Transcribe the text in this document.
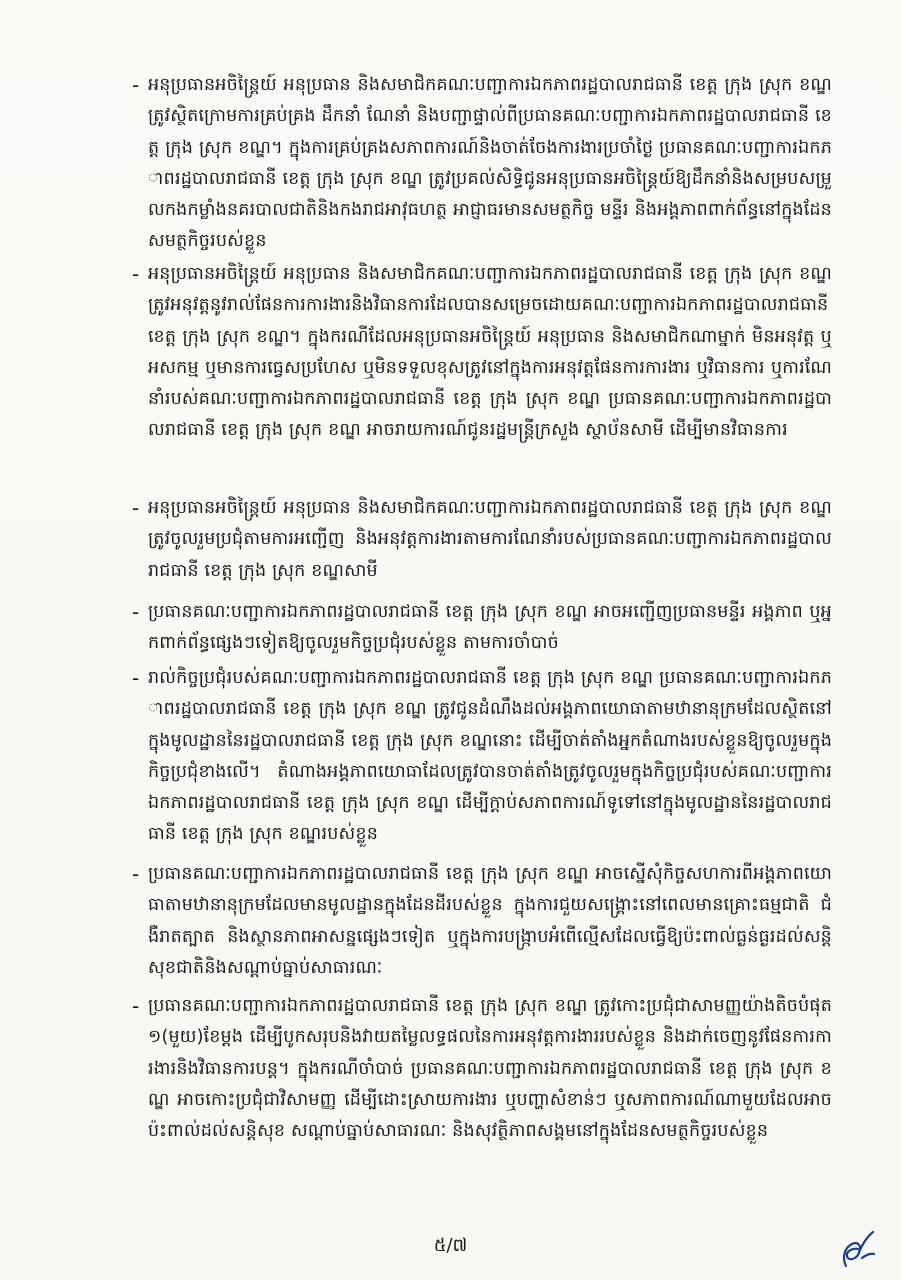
- អនុប្រធានអចិន្ត្រៃយ៍ អនុប្រធាន និងសមាជិកគណៈបញ្ជាការឯកភាពរដ្ឋបាលរាជធានី ខេត្ត ក្រុង ស្រុក ខណ្ឌ ត្រូវស្ថិតក្រោមការគ្រប់គ្រង ដឹកនាំ ណែនាំ និងបញ្ជាផ្ទាល់ពីប្រធានគណៈបញ្ជាការឯកភាពរដ្ឋបាលរាជធានី ខេត្ត ក្រុង ស្រុក ខណ្ឌ។ ក្នុងការគ្រប់គ្រងសភាពការណ៍និងចាត់ចែងការងារប្រចាំថ្ងៃ ប្រធានគណៈបញ្ជាការឯកភាពរដ្ឋបាលរាជធានី ខេត្ត ក្រុង ស្រុក ខណ្ឌ ត្រូវប្រគល់សិទ្ធិជូនអនុប្រធានអចិន្ត្រៃយ៍ឱ្យដឹកនាំនិងសម្របសម្រួលកងកម្លាំងនគរបាលជាតិនិងកងរាជអាវុធហត្ថ អាជ្ញាធរមានសមត្ថកិច្ច មន្ទីរ និងអង្គភាពពាក់ព័ន្ធនៅក្នុងដែនសមត្ថកិច្ចរបស់ខ្លួន
- អនុប្រធានអចិន្ត្រៃយ៍ អនុប្រធាន និងសមាជិកគណៈបញ្ជាការឯកភាពរដ្ឋបាលរាជធានី ខេត្ត ក្រុង ស្រុក ខណ្ឌ ត្រូវអនុវត្តនូវរាល់ផែនការការងារនិងវិធានការដែលបានសម្រេចដោយគណៈបញ្ជាការឯកភាពរដ្ឋបាលរាជធានី ខេត្ត ក្រុង ស្រុក ខណ្ឌ។ ក្នុងករណីដែលអនុប្រធានអចិន្ត្រៃយ៍ អនុប្រធាន និងសមាជិកណាម្នាក់ មិនអនុវត្ត ឬអសកម្ម ឬមានការធ្វេសប្រហែស ឬមិនទទួលខុសត្រូវនៅក្នុងការអនុវត្តផែនការការងារ ឬវិធានការ ឬការណែនាំរបស់គណៈបញ្ជាការឯកភាពរដ្ឋបាលរាជធានី ខេត្ត ក្រុង ស្រុក ខណ្ឌ ប្រធានគណៈបញ្ជាការឯកភាពរដ្ឋបាលរាជធានី ខេត្ត ក្រុង ស្រុក ខណ្ឌ អាចរាយការណ៍ជូនរដ្ឋមន្ត្រីក្រសួង ស្ថាប័នសាមី ដើម្បីមានវិធានការ
- អនុប្រធានអចិន្ត្រៃយ៍ អនុប្រធាន និងសមាជិកគណៈបញ្ជាការឯកភាពរដ្ឋបាលរាជធានី ខេត្ត ក្រុង ស្រុក ខណ្ឌ ត្រូវចូលរួមប្រជុំតាមការអញ្ជើញ និងអនុវត្តការងារតាមការណែនាំរបស់ប្រធានគណៈបញ្ជាការឯកភាពរដ្ឋបាលរាជធានី ខេត្ត ក្រុង ស្រុក ខណ្ឌសាមី
- ប្រធានគណៈបញ្ជាការឯកភាពរដ្ឋបាលរាជធានី ខេត្ត ក្រុង ស្រុក ខណ្ឌ អាចអញ្ជើញប្រធានមន្ទីរ អង្គភាព ឬអ្នកពាក់ព័ន្ធផ្សេងៗទៀតឱ្យចូលរួមកិច្ចប្រជុំរបស់ខ្លួន តាមការចាំបាច់
- រាល់កិច្ចប្រជុំរបស់គណៈបញ្ជាការឯកភាពរដ្ឋបាលរាជធានី ខេត្ត ក្រុង ស្រុក ខណ្ឌ ប្រធានគណៈបញ្ជាការឯកភាពរដ្ឋបាលរាជធានី ខេត្ត ក្រុង ស្រុក ខណ្ឌ ត្រូវជូនដំណឹងដល់អង្គភាពយោធាតាមឋានានុក្រមដែលស្ថិតនៅក្នុងមូលដ្ឋាននៃរដ្ឋបាលរាជធានី ខេត្ត ក្រុង ស្រុក ខណ្ឌនោះ ដើម្បីចាត់តាំងអ្នកតំណាងរបស់ខ្លួនឱ្យចូលរួមក្នុងកិច្ចប្រជុំខាងលើ។ តំណាងអង្គភាពយោធាដែលត្រូវបានចាត់តាំងត្រូវចូលរួមក្នុងកិច្ចប្រជុំរបស់គណៈបញ្ជាការឯកភាពរដ្ឋបាលរាជធានី ខេត្ត ក្រុង ស្រុក ខណ្ឌ ដើម្បីក្តាប់សភាពការណ៍ទូទៅនៅក្នុងមូលដ្ឋាននៃរដ្ឋបាលរាជធានី ខេត្ត ក្រុង ស្រុក ខណ្ឌរបស់ខ្លួន
- ប្រធានគណៈបញ្ជាការឯកភាពរដ្ឋបាលរាជធានី ខេត្ត ក្រុង ស្រុក ខណ្ឌ អាចស្នើសុំកិច្ចសហការពីអង្គភាពយោធាតាមឋានានុក្រមដែលមានមូលដ្ឋានក្នុងដែនដីរបស់ខ្លួន ក្នុងការជួយសង្គ្រោះនៅពេលមានគ្រោះធម្មជាតិ ជំងឺរាតត្បាត និងស្ថានភាពអាសន្នផ្សេងៗទៀត ឬក្នុងការបង្ក្រាបអំពើល្មើសដែលធ្វើឱ្យប៉ះពាល់ធ្ងន់ធ្ងរដល់សន្តិសុខជាតិនិងសណ្តាប់ធ្នាប់សាធារណៈ
- ប្រធានគណៈបញ្ជាការឯកភាពរដ្ឋបាលរាជធានី ខេត្ត ក្រុង ស្រុក ខណ្ឌ ត្រូវកោះប្រជុំជាសាមញ្ញយ៉ាងតិចបំផុត១(មួយ)ខែម្តង ដើម្បីបូកសរុបនិងវាយតម្លៃលទ្ធផលនៃការអនុវត្តការងាររបស់ខ្លួន និងដាក់ចេញនូវផែនការការងារនិងវិធានការបន្ត។ ក្នុងករណីចាំបាច់ ប្រធានគណៈបញ្ជាការឯកភាពរដ្ឋបាលរាជធានី ខេត្ត ក្រុង ស្រុក ខណ្ឌ អាចកោះប្រជុំជាវិសាមញ្ញ ដើម្បីដោះស្រាយការងារ ឬបញ្ហាសំខាន់ៗ ឬសភាពការណ៍ណាមួយដែលអាចប៉ះពាល់ដល់សន្តិសុខ សណ្តាប់ធ្នាប់សាធារណៈ និងសុវត្ថិភាពសង្គមនៅក្នុងដែនសមត្ថកិច្ចរបស់ខ្លួន
៥/៧
